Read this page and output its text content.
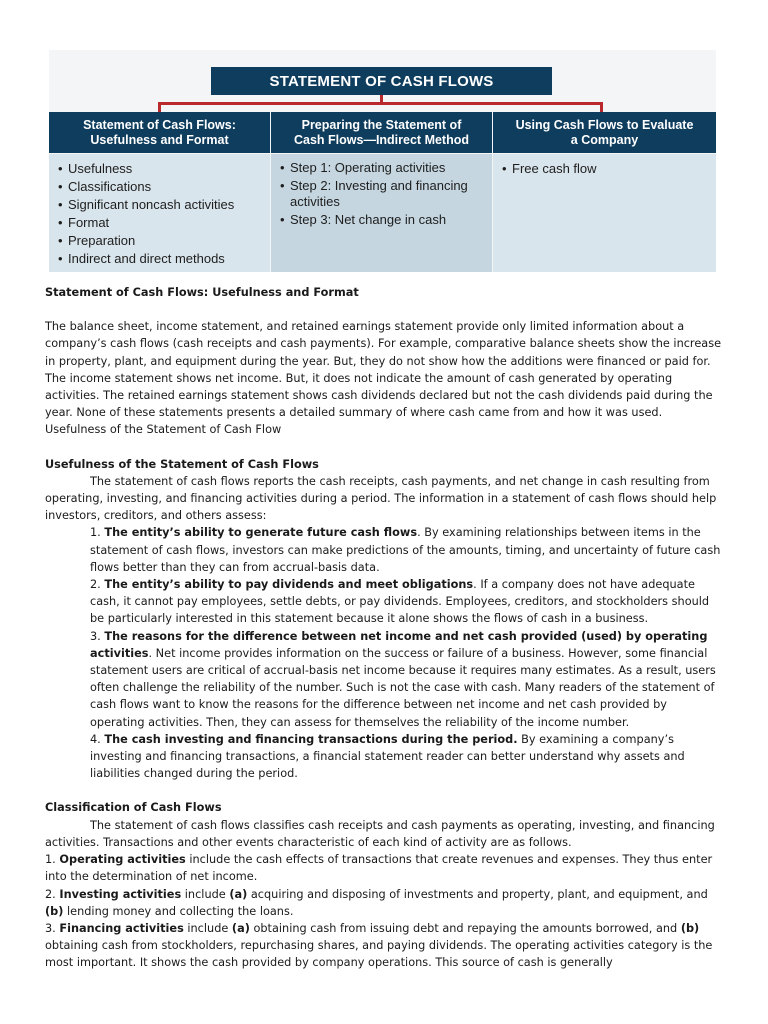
STATEMENT OF CASH FLOWS
Statement of Cash Flows:
Usefulness and Format
• Usefulness
• Classifications
• Significant noncash activities
• Format
• Preparation
• Indirect and direct methods
Preparing the Statement of
Cash Flows—Indirect Method
• Step 1: Operating activities
• Step 2: Investing and financing activities
• Step 3: Net change in cash
Using Cash Flows to Evaluate
a Company
• Free cash flow

Statement of Cash Flows: Usefulness and Format

The balance sheet, income statement, and retained earnings statement provide only limited information about a company’s cash flows (cash receipts and cash payments). For example, comparative balance sheets show the increase in property, plant, and equipment during the year. But, they do not show how the additions were financed or paid for. The income statement shows net income. But, it does not indicate the amount of cash generated by operating activities. The retained earnings statement shows cash dividends declared but not the cash dividends paid during the year. None of these statements presents a detailed summary of where cash came from and how it was used. Usefulness of the Statement of Cash Flow

Usefulness of the Statement of Cash Flows

The statement of cash flows reports the cash receipts, cash payments, and net change in cash resulting from operating, investing, and financing activities during a period. The information in a statement of cash flows should help investors, creditors, and others assess:

1. The entity’s ability to generate future cash flows. By examining relationships between items in the statement of cash flows, investors can make predictions of the amounts, timing, and uncertainty of future cash flows better than they can from accrual-basis data.

2. The entity’s ability to pay dividends and meet obligations. If a company does not have adequate cash, it cannot pay employees, settle debts, or pay dividends. Employees, creditors, and stockholders should be particularly interested in this statement because it alone shows the flows of cash in a business.

3. The reasons for the difference between net income and net cash provided (used) by operating activities. Net income provides information on the success or failure of a business. However, some financial statement users are critical of accrual-basis net income because it requires many estimates. As a result, users often challenge the reliability of the number. Such is not the case with cash. Many readers of the statement of cash flows want to know the reasons for the difference between net income and net cash provided by operating activities. Then, they can assess for themselves the reliability of the income number.

4. The cash investing and financing transactions during the period. By examining a company’s investing and financing transactions, a financial statement reader can better understand why assets and liabilities changed during the period.

Classification of Cash Flows

The statement of cash flows classifies cash receipts and cash payments as operating, investing, and financing activities. Transactions and other events characteristic of each kind of activity are as follows.

1. Operating activities include the cash effects of transactions that create revenues and expenses. They thus enter into the determination of net income.

2. Investing activities include (a) acquiring and disposing of investments and property, plant, and equipment, and (b) lending money and collecting the loans.

3. Financing activities include (a) obtaining cash from issuing debt and repaying the amounts borrowed, and (b) obtaining cash from stockholders, repurchasing shares, and paying dividends. The operating activities category is the most important. It shows the cash provided by company operations. This source of cash is generally
